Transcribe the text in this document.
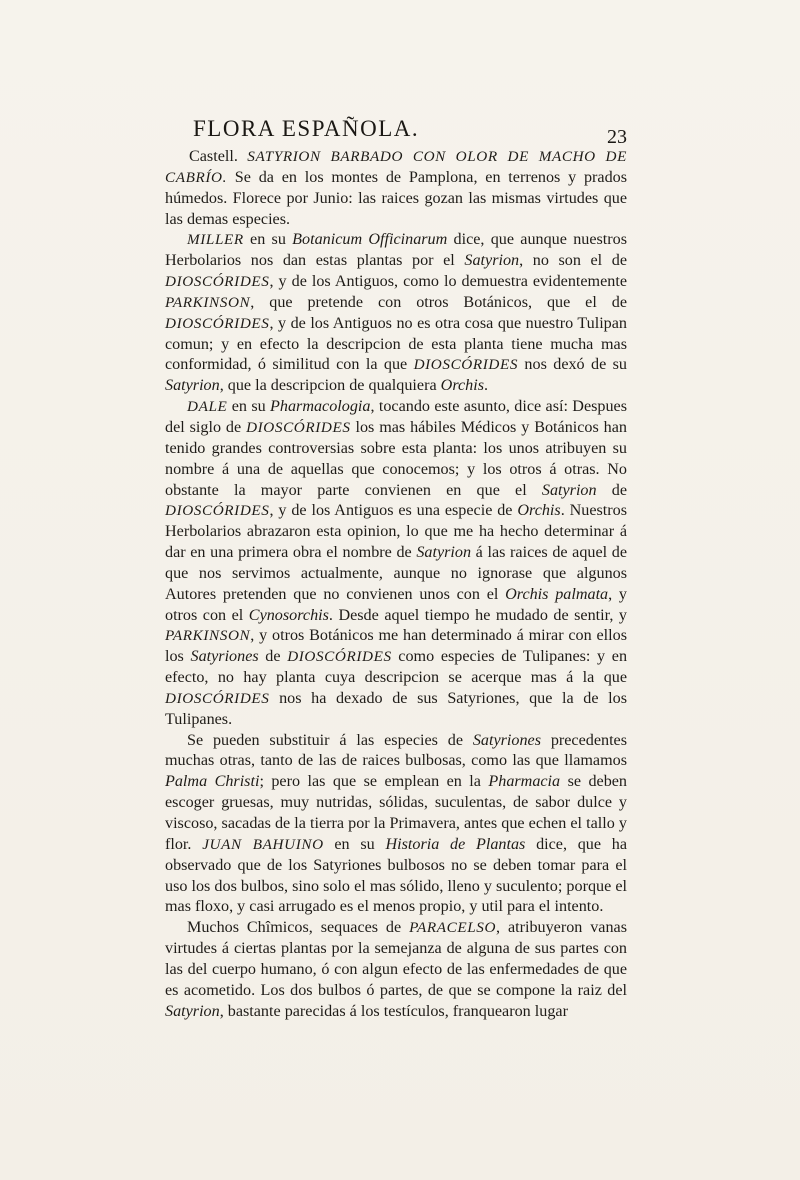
FLORA ESPAÑOLA.	23

Castell. SATYRION BARBADO CON OLOR DE MACHO DE CABRÍO. Se da en los montes de Pamplona, en terrenos y prados húmedos. Florece por Junio: las raices gozan las mismas virtudes que las demas especies.

MILLER en su Botanicum Officinarum dice, que aunque nuestros Herbolarios nos dan estas plantas por el Satyrion, no son el de DIOSCÓRIDES, y de los Antiguos, como lo demuestra evidentemente PARKINSON, que pretende con otros Botánicos, que el de DIOSCÓRIDES, y de los Antiguos no es otra cosa que nuestro Tulipan comun; y en efecto la descripcion de esta planta tiene mucha mas conformidad, ó similitud con la que DIOSCÓRIDES nos dexó de su Satyrion, que la descripcion de qualquiera Orchis.

DALE en su Pharmacologia, tocando este asunto, dice así: Despues del siglo de DIOSCÓRIDES los mas hábiles Médicos y Botánicos han tenido grandes controversias sobre esta planta: los unos atribuyen su nombre á una de aquellas que conocemos; y los otros á otras. No obstante la mayor parte convienen en que el Satyrion de DIOSCÓRIDES, y de los Antiguos es una especie de Orchis. Nuestros Herbolarios abrazaron esta opinion, lo que me ha hecho determinar á dar en una primera obra el nombre de Satyrion á las raices de aquel de que nos servimos actualmente, aunque no ignorase que algunos Autores pretenden que no convienen unos con el Orchis palmata, y otros con el Cynosorchis. Desde aquel tiempo he mudado de sentir, y PARKINSON, y otros Botánicos me han determinado á mirar con ellos los Satyriones de DIOSCÓRIDES como especies de Tulipanes: y en efecto, no hay planta cuya descripcion se acerque mas á la que DIOSCÓRIDES nos ha dexado de sus Satyriones, que la de los Tulipanes.

Se pueden substituir á las especies de Satyriones precedentes muchas otras, tanto de las de raices bulbosas, como las que llamamos Palma Christi; pero las que se emplean en la Pharmacia se deben escoger gruesas, muy nutridas, sólidas, suculentas, de sabor dulce y viscoso, sacadas de la tierra por la Primavera, antes que echen el tallo y flor. JUAN BAHUINO en su Historia de Plantas dice, que ha observado que de los Satyriones bulbosos no se deben tomar para el uso los dos bulbos, sino solo el mas sólido, lleno y suculento; porque el mas floxo, y casi arrugado es el menos propio, y util para el intento.

Muchos Chîmicos, sequaces de PARACELSO, atribuyeron vanas virtudes á ciertas plantas por la semejanza de alguna de sus partes con las del cuerpo humano, ó con algun efecto de las enfermedades de que es acometido. Los dos bulbos ó partes, de que se compone la raiz del Satyrion, bastante parecidas á los testículos, franquearon lugar
